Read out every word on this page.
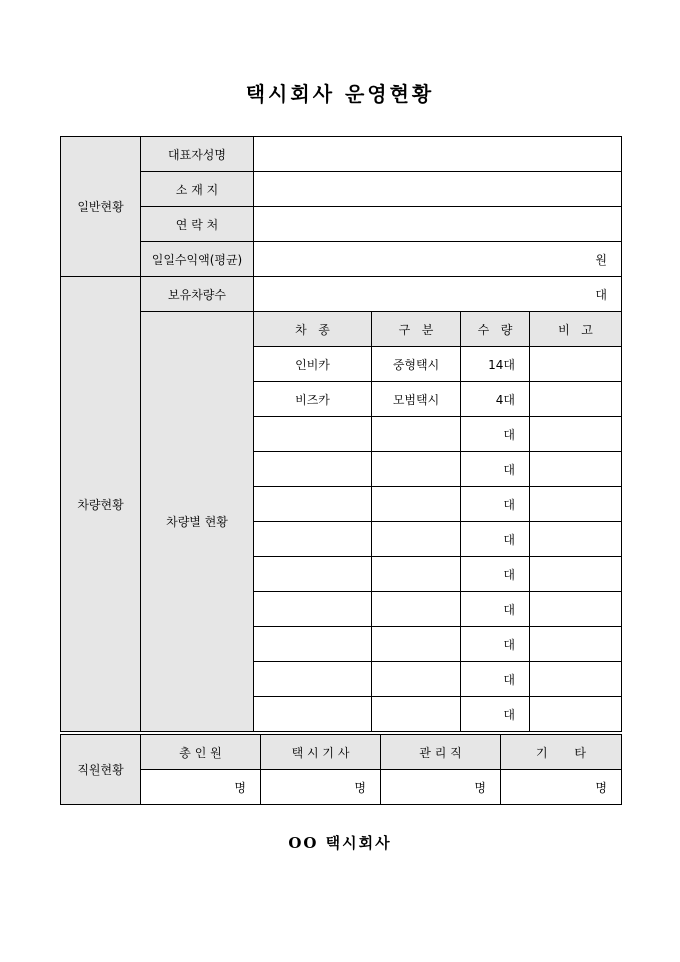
택시회사 운영현황
일반현황	대표자성명				
	소 재 지				
	연 락 처				
	일일수익액(평균)	원			
차량현황	보유차량수	대			
	차량별 현황	차   종	구   분	수   량	비   고
		인비카	중형택시	14대	
		비즈카	모범택시	4대	
				대	
				대	
				대	
				대	
				대	
				대	
				대	
				대	
				대	
직원현황	총 인 원	택 시 기 사	관 리 직	기       타
	명	명	명	명
OO 택시회사
